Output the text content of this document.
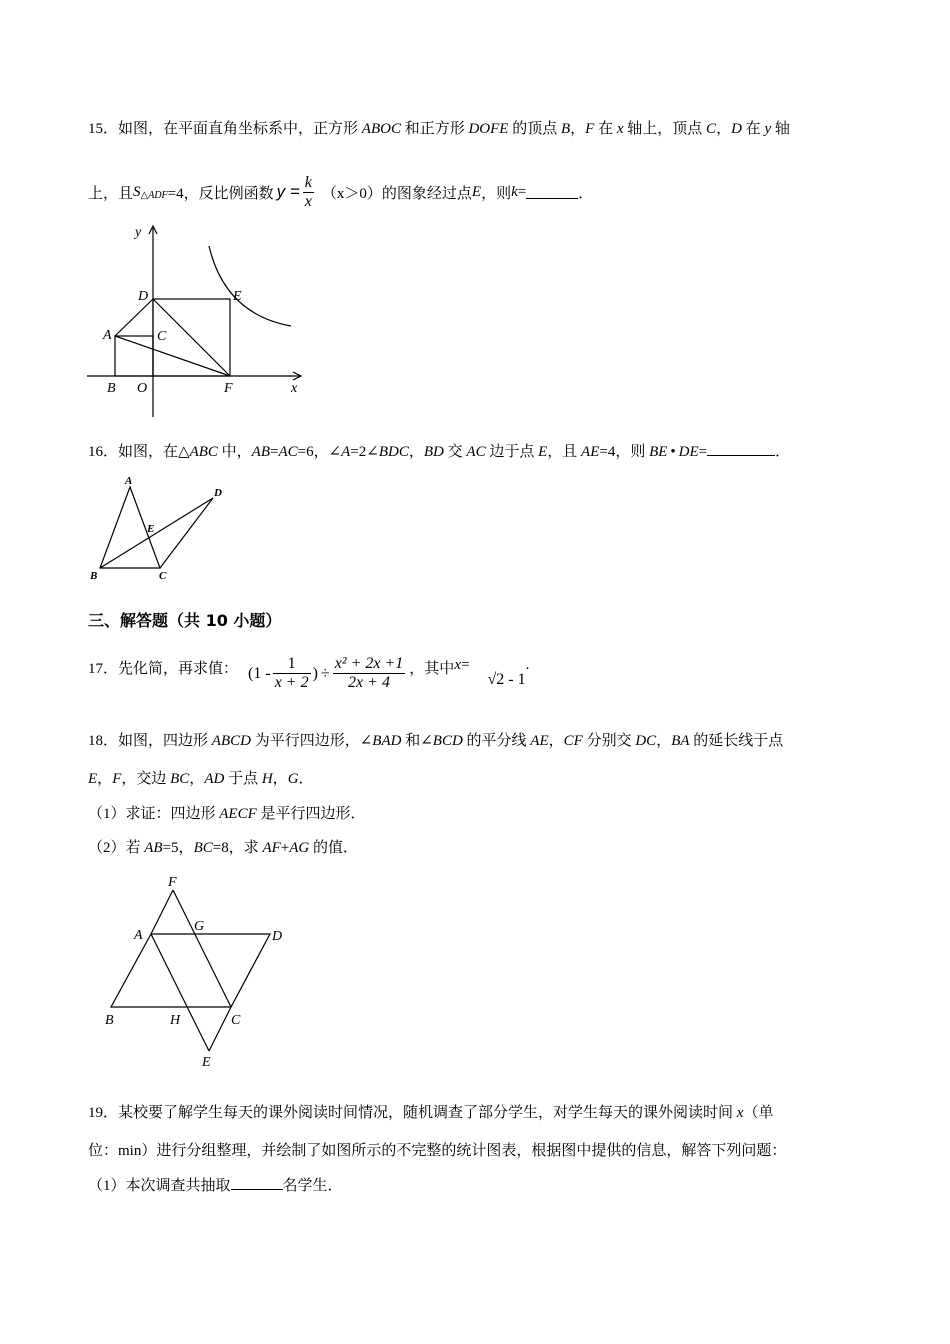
15．如图，在平面直角坐标系中，正方形 ABOC 和正方形 DOFE 的顶点 B，F 在 x 轴上，顶点 C，D 在 y 轴
上，且 S △ADF =4，反比例函数 $y = \frac{k}{x} (x>0)$ 的图象经过点 E ，则 k =	．
y
x
D	E
A	C
B O	F
16．如图，在△ABC 中，AB=AC=6，∠A=2∠BDC，BD 交 AC 边于点 E，且 AE=4，则 BE • DE=	．
A
D
E
B	C
三、解答题（共 10 小题）
17． 先化简，再求值： ($1 - \frac{1}{x + 2}$ ) ÷ $\frac{\text{x² + 2x +1}}{2x + 4}$ ，其中 x =
√2 - 1
.
18．如图，四边形 ABCD 为平行四边形，∠BAD 和∠BCD 的平分线 AE，CF 分别交 DC，BA 的延长线于点
E，F，交边 BC，AD 于点 H，G．
（1）求证：四边形 AECF 是平行四边形．
（2）若 AB=5，BC=8，求 AF+AG 的值．
F
A
G
D
B	H	C
E
19．某校要了解学生每天的课外阅读时间情况，随机调查了部分学生，对学生每天的课外阅读时间 x（单
位：min）进行分组整理，并绘制了如图所示的不完整的统计图表，根据图中提供的信息，解答下列问题：
（1）本次调查共抽取	名学生．
